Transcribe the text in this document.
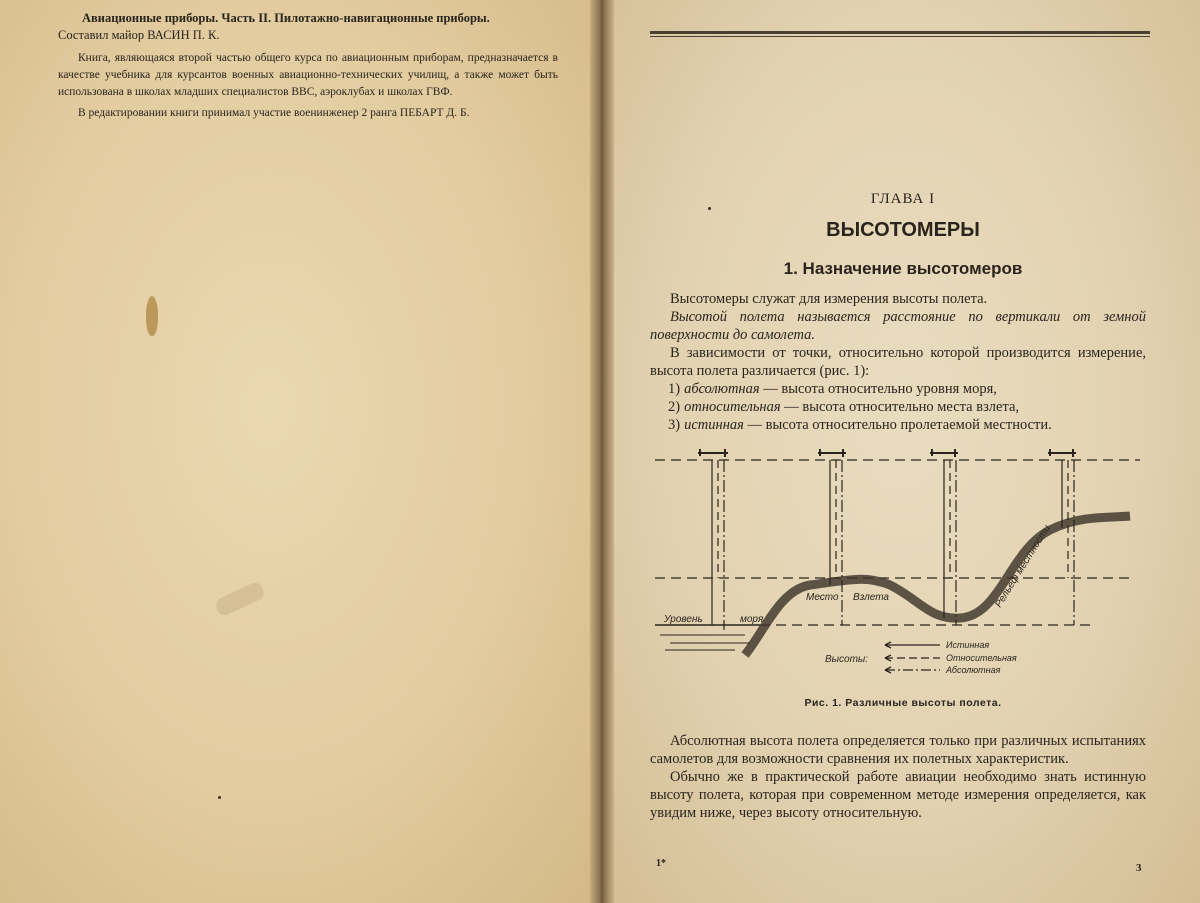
Авиационные приборы. Часть II. Пилотажно-навигационные приборы.

Составил майор ВАСИН П. К.

Книга, являющаяся второй частью общего курса по авиационным приборам, предназначается в качестве учебника для курсантов военных авиационно-технических училищ, а также может быть использована в школах младших специалистов ВВС, аэроклубах и школах ГВФ.

В редактировании книги принимал участие военинженер 2 ранга ПЕБАРТ Д. Б.

ГЛАВА I
ВЫСОТОМЕРЫ
1. Назначение высотомеров

Высотомеры служат для измерения высоты полета.

Высотой полета называется расстояние по вертикали от земной поверхности до самолета.

В зависимости от точки, относительно которой производится измерение, высота полета различается (рис. 1):

1) абсолютная — высота относительно уровня моря,
2) относительная — высота относительно места взлета,
3) истинная — высота относительно пролетаемой местности.
Уровень	моря
Место Взлета	Рельеф местности
Высоты:
Истинная
Относительная
Абсолютная
Рис. 1. Различные высоты полета.

Абсолютная высота полета определяется только при различных испытаниях самолетов для возможности сравнения их полетных характеристик.

Обычно же в практической работе авиации необходимо знать истинную высоту полета, которая при современном методе измерения определяется, как увидим ниже, через высоту относительную.

1*	3
